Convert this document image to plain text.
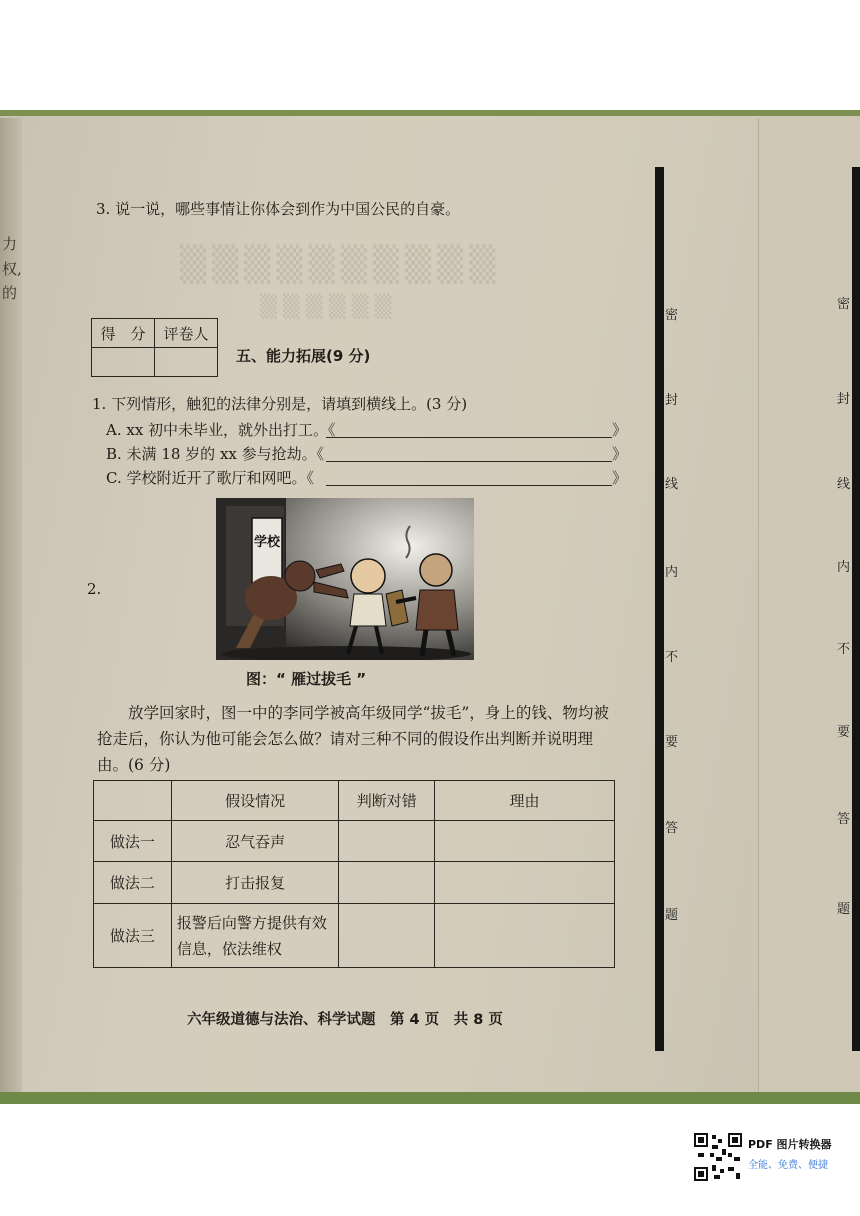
力
权,
的
▒▒▒▒▒▒▒▒▒▒
▒▒▒▒▒▒
3. 说一说，哪些事情让你体会到作为中国公民的自豪。
得　分	评卷人

五、能力拓展(9 分)
1. 下列情形，触犯的法律分别是，请填到横线上。(3 分)
A. xx 初中未毕业，就外出打工。《	》
B. 未满 18 岁的 xx 参与抢劫。《	》
C. 学校附近开了歌厅和网吧。《	》
2.
学校
图：“ 雁过拔毛 ”
放学回家时，图一中的李同学被高年级同学“拔毛”，身上的钱、物均被抢走后，你认为他可能会怎么做？请对三种不同的假设作出判断并说明理由。(6 分)
	假设情况	判断对错	理由
做法一	忍气吞声		
做法二	打击报复		
做法三	报警后向警方提供有效信息，依法维权		
六年级道德与法治、科学试题　第 4 页　共 8 页
密
封
线
内
不
要
答
题
密
封
线
内
不
要
答
题
PDF 图片转换器
全能、免费、便捷
